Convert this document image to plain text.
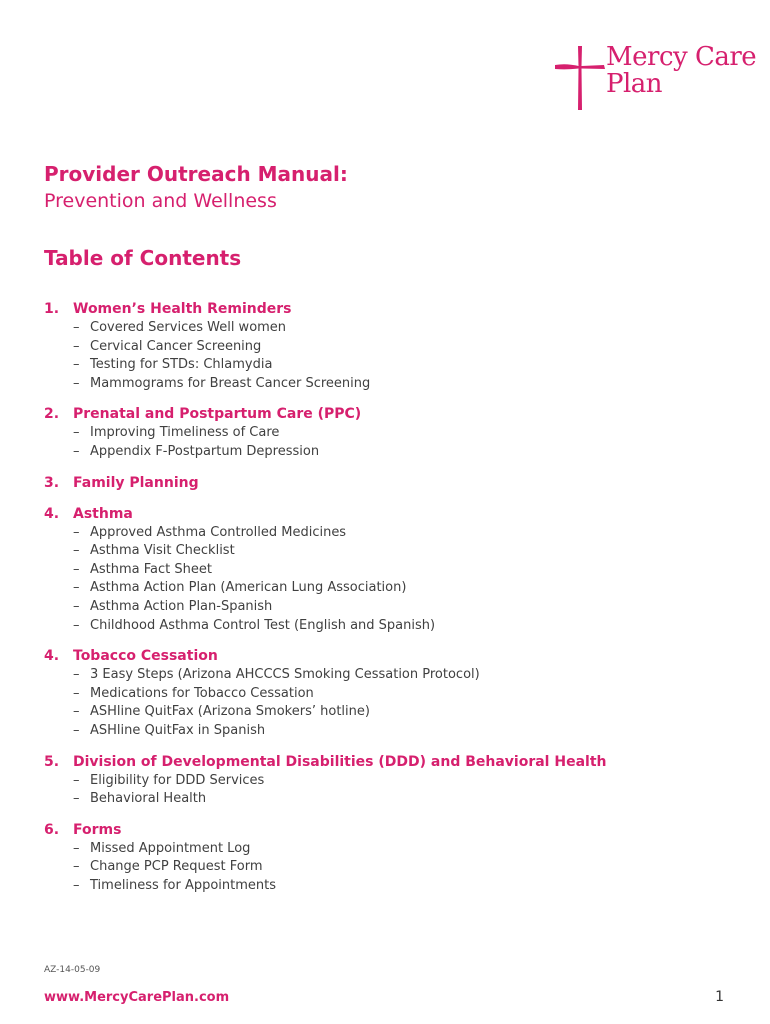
Mercy Care
Plan
Provider Outreach Manual:
Prevention and Wellness
Table of Contents
1. Women’s Health Reminders
– Covered Services Well women
– Cervical Cancer Screening
– Testing for STDs: Chlamydia
– Mammograms for Breast Cancer Screening
2. Prenatal and Postpartum Care (PPC)
– Improving Timeliness of Care
– Appendix F-Postpartum Depression
3. Family Planning
4. Asthma
– Approved Asthma Controlled Medicines
– Asthma Visit Checklist
– Asthma Fact Sheet
– Asthma Action Plan (American Lung Association)
– Asthma Action Plan-Spanish
– Childhood Asthma Control Test (English and Spanish)
4. Tobacco Cessation
– 3 Easy Steps (Arizona AHCCCS Smoking Cessation Protocol)
– Medications for Tobacco Cessation
– ASHline QuitFax (Arizona Smokers’ hotline)
– ASHline QuitFax in Spanish
5. Division of Developmental Disabilities (DDD) and Behavioral Health
– Eligibility for DDD Services
– Behavioral Health
6. Forms
– Missed Appointment Log
– Change PCP Request Form
– Timeliness for Appointments
AZ-14-05-09
www.MercyCarePlan.com	1
